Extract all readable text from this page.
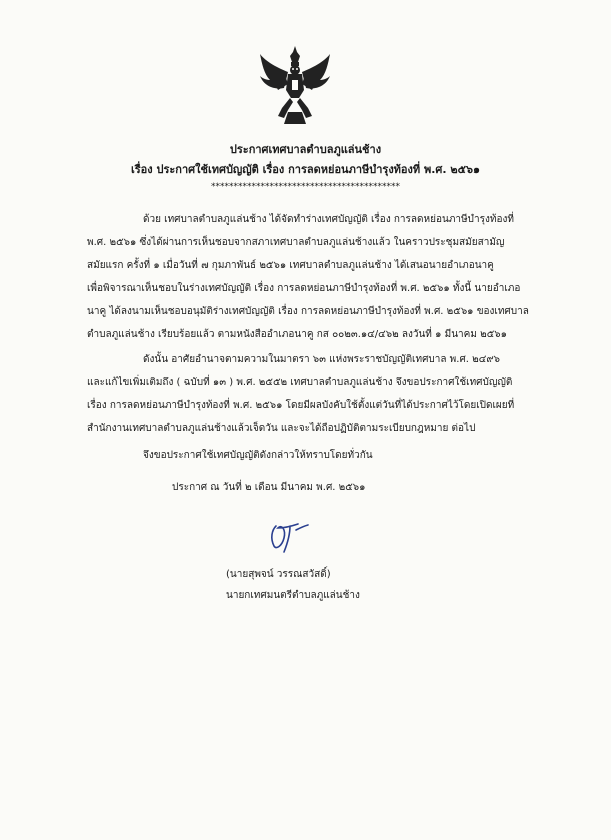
ประกาศเทศบาลตำบลภูแล่นช้าง
เรื่อง ประกาศใช้เทศบัญญัติ เรื่อง การลดหย่อนภาษีบำรุงท้องที่ พ.ศ. ๒๕๖๑
******************************************
ด้วย เทศบาลตำบลภูแล่นช้าง ได้จัดทำร่างเทศบัญญัติ เรื่อง การลดหย่อนภาษีบำรุงท้องที่
พ.ศ. ๒๕๖๑ ซึ่งได้ผ่านการเห็นชอบจากสภาเทศบาลตำบลภูแล่นช้างแล้ว ในคราวประชุมสมัยสามัญ
สมัยแรก ครั้งที่ ๑ เมื่อวันที่ ๗ กุมภาพันธ์ ๒๕๖๑ เทศบาลตำบลภูแล่นช้าง ได้เสนอนายอำเภอนาคู
เพื่อพิจารณาเห็นชอบในร่างเทศบัญญัติ เรื่อง การลดหย่อนภาษีบำรุงท้องที่ พ.ศ. ๒๕๖๑ ทั้งนี้ นายอำเภอ
นาคู ได้ลงนามเห็นชอบอนุมัติร่างเทศบัญญัติ เรื่อง การลดหย่อนภาษีบำรุงท้องที่ พ.ศ. ๒๕๖๑ ของเทศบาล
ตำบลภูแล่นช้าง เรียบร้อยแล้ว ตามหนังสืออำเภอนาคู กส ๐๐๒๓.๑๔/๔๖๒ ลงวันที่ ๑ มีนาคม ๒๕๖๑
ดังนั้น อาศัยอำนาจตามความในมาตรา ๖๓ แห่งพระราชบัญญัติเทศบาล พ.ศ. ๒๔๙๖
และแก้ไขเพิ่มเติมถึง ( ฉบับที่ ๑๓ ) พ.ศ. ๒๕๕๒ เทศบาลตำบลภูแล่นช้าง จึงขอประกาศใช้เทศบัญญัติ
เรื่อง การลดหย่อนภาษีบำรุงท้องที่ พ.ศ. ๒๕๖๑ โดยมีผลบังคับใช้ตั้งแต่วันที่ได้ประกาศไว้โดยเปิดเผยที่
สำนักงานเทศบาลตำบลภูแล่นช้างแล้วเจ็ดวัน และจะได้ถือปฏิบัติตามระเบียบกฎหมาย ต่อไป
จึงขอประกาศใช้เทศบัญญัติดังกล่าวให้ทราบโดยทั่วกัน
ประกาศ ณ วันที่ ๒ เดือน มีนาคม พ.ศ. ๒๕๖๑
(นายสุพจน์ วรรณสวัสดิ์)
นายกเทศมนตรีตำบลภูแล่นช้าง
